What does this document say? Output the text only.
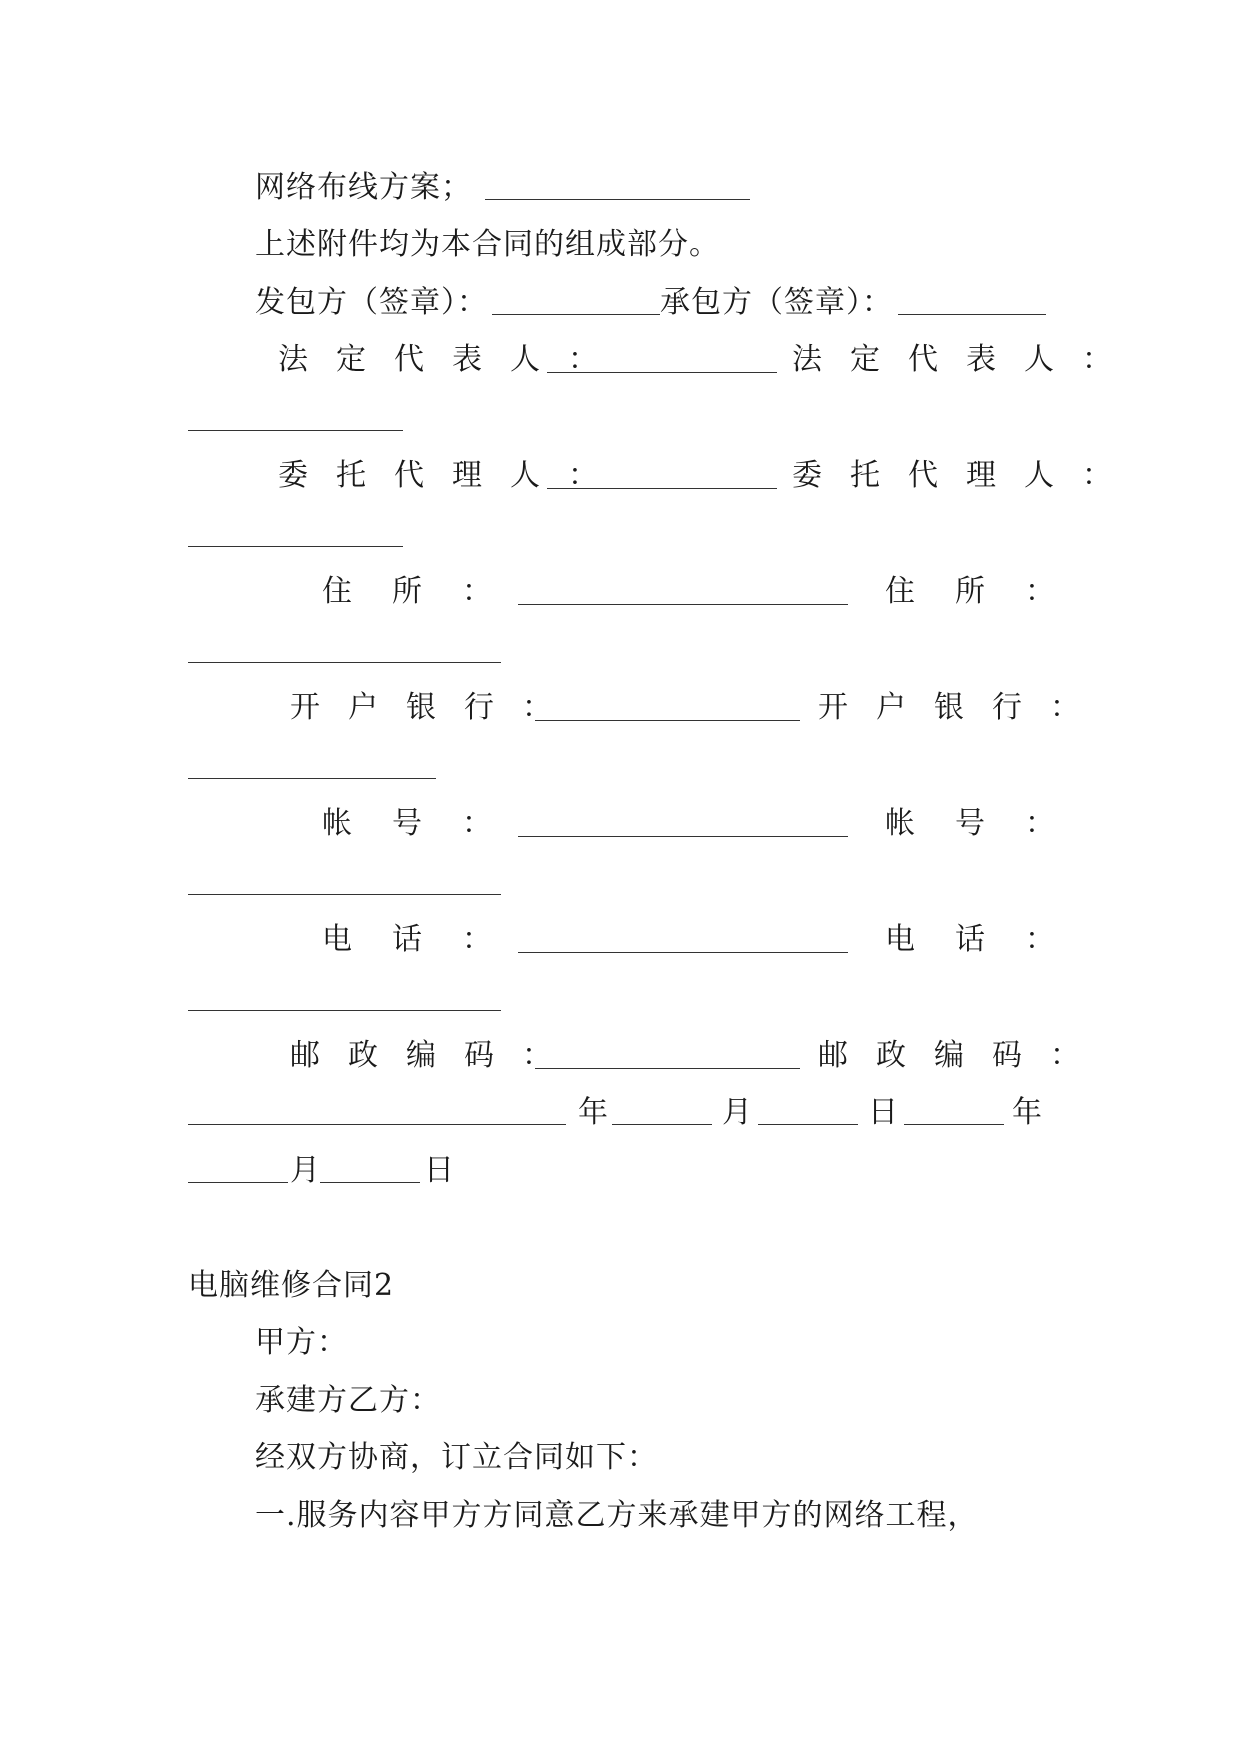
网络布线方案；
上述附件均为本合同的组成部分。
发包方（签章）：	承包方（签章）：
法定代表人：	法定代表人：
委托代理人：	委托代理人：
住所：	住所：
开户银行：	开户银行：
帐号：	帐号：
电话：	电话：
邮政编码：	邮政编码：
年	月	日	年
月	日
电脑维修合同2
甲方：
承建方乙方：
经双方协商，订立合同如下：
一.服务内容甲方方同意乙方来承建甲方的网络工程，
